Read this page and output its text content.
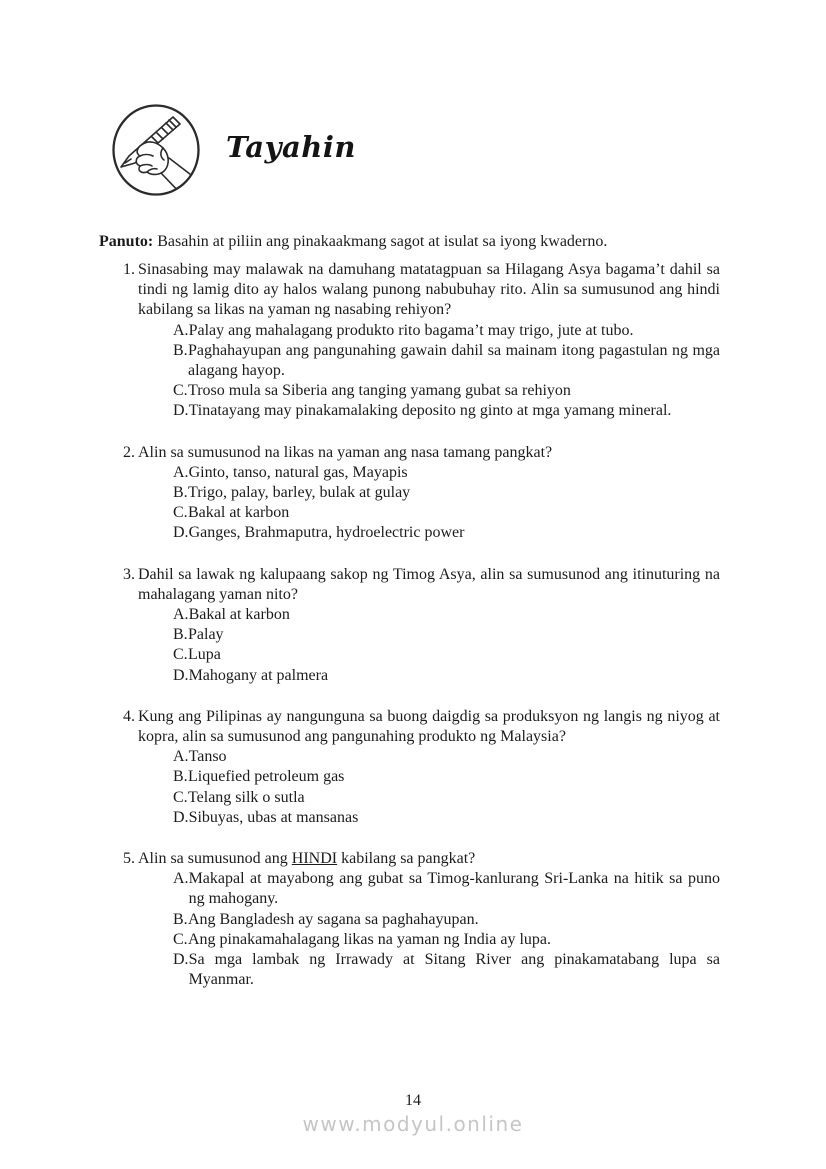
Tayahin

Panuto: Basahin at piliin ang pinakaakmang sagot at isulat sa iyong kwaderno.

1. Sinasabing may malawak na damuhang matatagpuan sa Hilagang Asya bagama’t dahil sa tindi ng lamig dito ay halos walang punong nabubuhay rito. Alin sa sumusunod ang hindi kabilang sa likas na yaman ng nasabing rehiyon?
A. Palay ang mahalagang produkto rito bagama’t may trigo, jute at tubo.
B. Paghahayupan ang pangunahing gawain dahil sa mainam itong pagastulan ng mga alagang hayop.
C. Troso mula sa Siberia ang tanging yamang gubat sa rehiyon
D. Tinatayang may pinakamalaking deposito ng ginto at mga yamang mineral.
2. Alin sa sumusunod na likas na yaman ang nasa tamang pangkat?
A. Ginto, tanso, natural gas, Mayapis
B. Trigo, palay, barley, bulak at gulay
C. Bakal at karbon
D. Ganges, Brahmaputra, hydroelectric power
3. Dahil sa lawak ng kalupaang sakop ng Timog Asya, alin sa sumusunod ang itinuturing na mahalagang yaman nito?
A. Bakal at karbon
B. Palay
C. Lupa
D. Mahogany at palmera
4. Kung ang Pilipinas ay nangunguna sa buong daigdig sa produksyon ng langis ng niyog at kopra, alin sa sumusunod ang pangunahing produkto ng Malaysia?
A. Tanso
B. Liquefied petroleum gas
C. Telang silk o sutla
D. Sibuyas, ubas at mansanas
5. Alin sa sumusunod ang HINDI kabilang sa pangkat?
A. Makapal at mayabong ang gubat sa Timog-kanlurang Sri-Lanka na hitik sa puno ng mahogany.
B. Ang Bangladesh ay sagana sa paghahayupan.
C. Ang pinakamahalagang likas na yaman ng India ay lupa.
D. Sa mga lambak ng Irrawady at Sitang River ang pinakamatabang lupa sa Myanmar.
14
www.modyul.online
